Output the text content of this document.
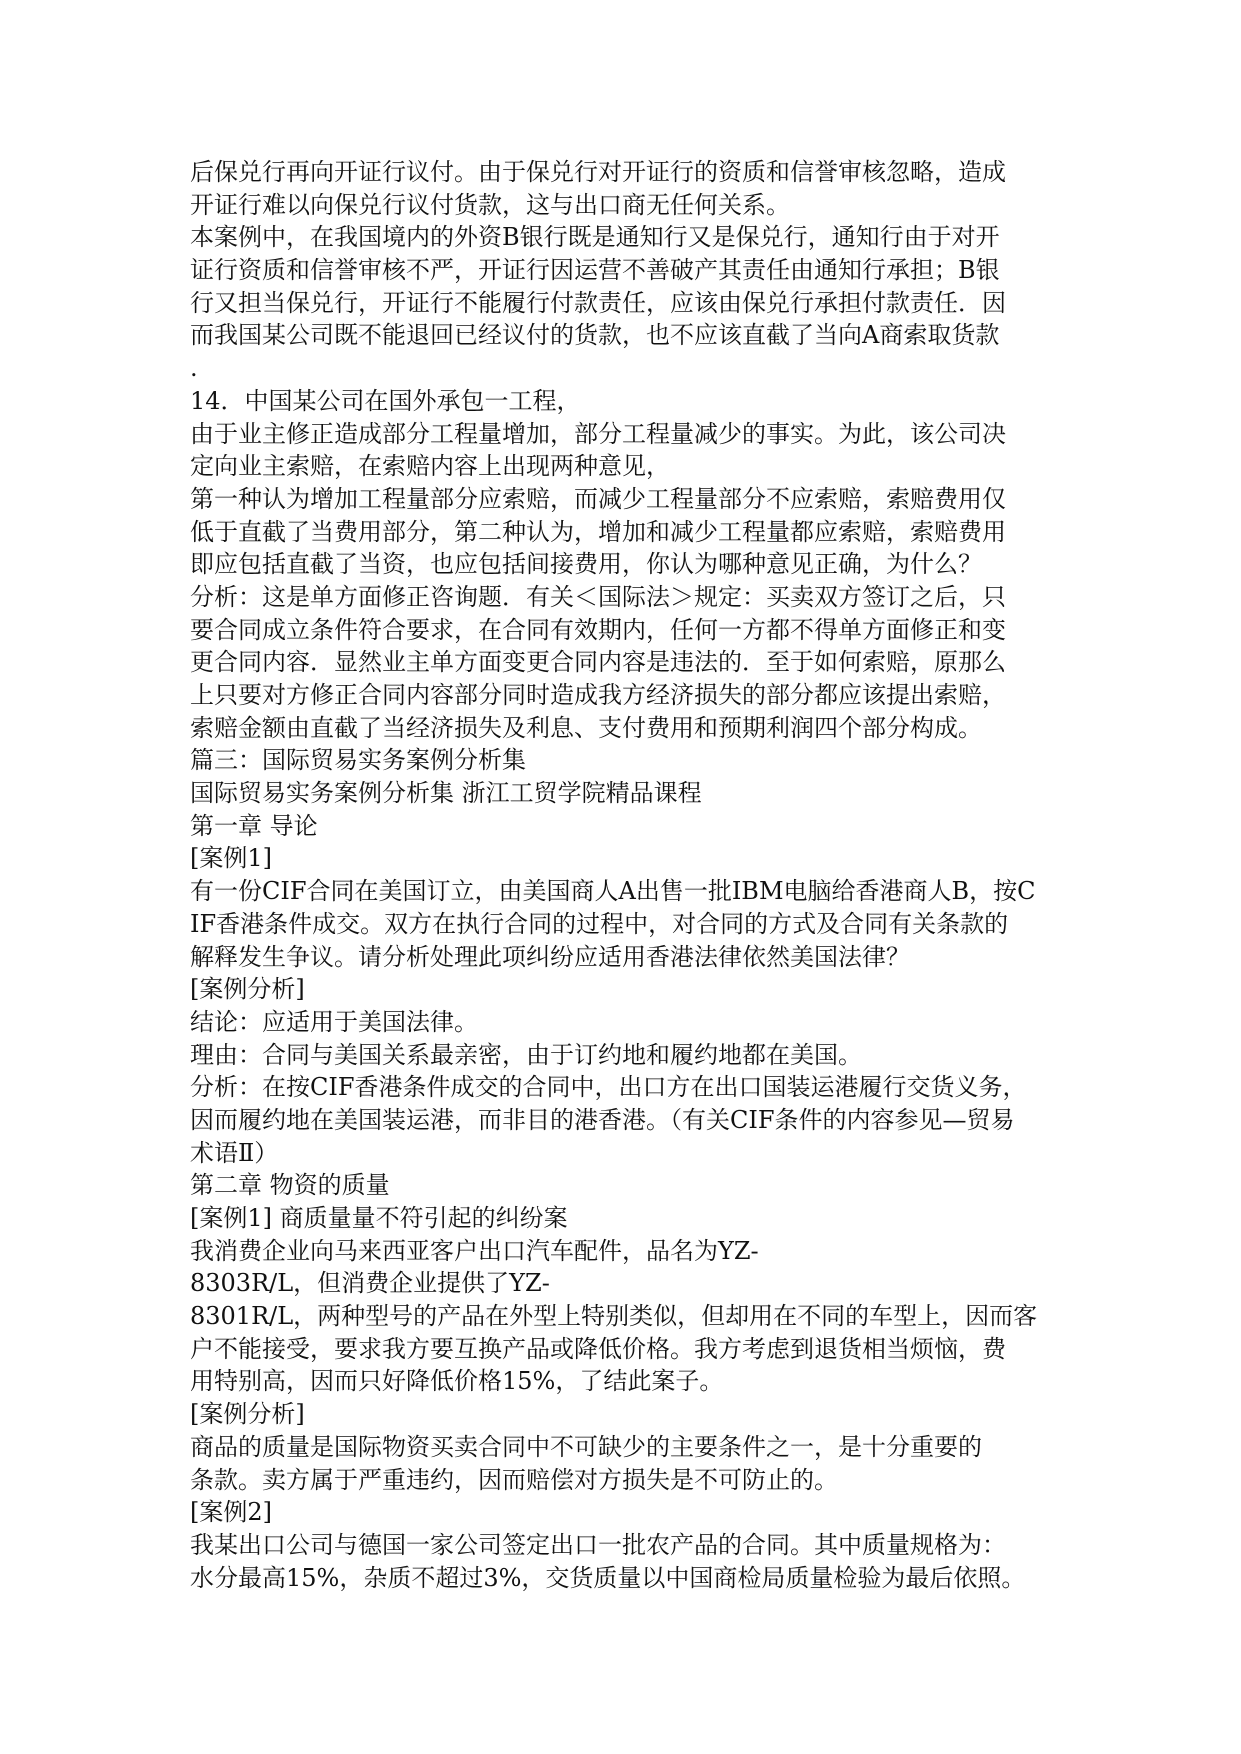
后保兑行再向开证行议付。由于保兑行对开证行的资质和信誉审核忽略，造成
开证行难以向保兑行议付货款，这与出口商无任何关系。
本案例中，在我国境内的外资B银行既是通知行又是保兑行，通知行由于对开
证行资质和信誉审核不严，开证行因运营不善破产其责任由通知行承担；B银
行又担当保兑行，开证行不能履行付款责任，应该由保兑行承担付款责任．因
而我国某公司既不能退回已经议付的货款，也不应该直截了当向A商索取货款
.
14．中国某公司在国外承包一工程，
由于业主修正造成部分工程量增加，部分工程量减少的事实。为此，该公司决
定向业主索赔，在索赔内容上出现两种意见，
第一种认为增加工程量部分应索赔，而减少工程量部分不应索赔，索赔费用仅
低于直截了当费用部分，第二种认为，增加和减少工程量都应索赔，索赔费用
即应包括直截了当资，也应包括间接费用，你认为哪种意见正确，为什么？
分析：这是单方面修正咨询题．有关＜国际法＞规定：买卖双方签订之后，只
要合同成立条件符合要求，在合同有效期内，任何一方都不得单方面修正和变
更合同内容．显然业主单方面变更合同内容是违法的．至于如何索赔，原那么
上只要对方修正合同内容部分同时造成我方经济损失的部分都应该提出索赔，
索赔金额由直截了当经济损失及利息、支付费用和预期利润四个部分构成。
篇三：国际贸易实务案例分析集
国际贸易实务案例分析集 浙江工贸学院精品课程
第一章 导论
[案例1]
有一份CIF合同在美国订立，由美国商人A出售一批IBM电脑给香港商人B，按C
IF香港条件成交。双方在执行合同的过程中，对合同的方式及合同有关条款的
解释发生争议。请分析处理此项纠纷应适用香港法律依然美国法律？
[案例分析]
结论：应适用于美国法律。
理由：合同与美国关系最亲密，由于订约地和履约地都在美国。
分析：在按CIF香港条件成交的合同中，出口方在出口国装运港履行交货义务，
因而履约地在美国装运港，而非目的港香港。（有关CIF条件的内容参见—贸易
术语Ⅱ）
第二章 物资的质量
[案例1] 商质量量不符引起的纠纷案
我消费企业向马来西亚客户出口汽车配件，品名为YZ-
8303R/L，但消费企业提供了YZ-
8301R/L，两种型号的产品在外型上特别类似，但却用在不同的车型上，因而客
户不能接受，要求我方要互换产品或降低价格。我方考虑到退货相当烦恼，费
用特别高，因而只好降低价格15%，了结此案子。
[案例分析]
商品的质量是国际物资买卖合同中不可缺少的主要条件之一，是十分重要的
条款。卖方属于严重违约，因而赔偿对方损失是不可防止的。
[案例2]
我某出口公司与德国一家公司签定出口一批农产品的合同。其中质量规格为：
水分最高15%，杂质不超过3%，交货质量以中国商检局质量检验为最后依照。
